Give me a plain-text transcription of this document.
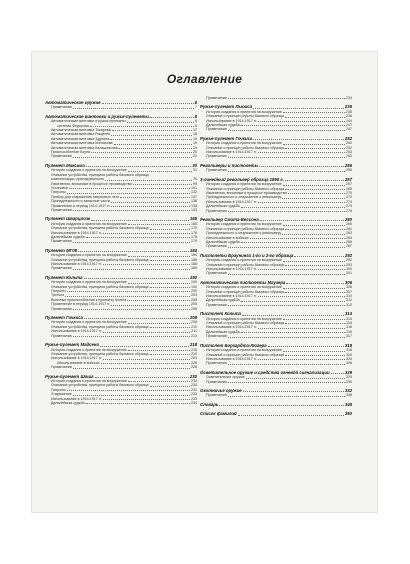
Оглавление
Автоматическое оружие	6
Примечания	7
Автоматические винтовки и ружья-пулеметы	8
Автоматические винтовки и ружья-пулеметы	8
системы Федорова	8
Автоматическая винтовка Токарева	17
Автоматическая винтовка Рощепея	18
Автоматическая винтовка Здунина	19
Автоматическая винтовка Ксеникова	19
Автоматическая винтовка Калашникова	19
Приспособление Коуна	20
Примечания	21
Пулемет Максима	30
История создания и принятия на вооружение	31
Описание устройства, принципа работы базового образца,
комплектации, принадлежность	76
Изменения, вносимые в процессе производства	99
Установки	101
Патроны	132
Прибор для снаряжения патронных лент	137
Принадлежности и запасные части	138
Применение в период 1914-1917 гг.	138
Примечания	143
Пулемет Шварцлозе	165
История создания и принятия на вооружение	165
Описание устройства, принципа работы базового образца	170
Использование в 1914-1917 гг.	178
Дальнейшая судьба	178
Примечания	179
Пулемет МГ08	184
История создания и принятия на вооружение	184
Описание устройства, принципа работы базового образца	185
Использование в 1914-1917 гг.	188
Примечания	189
Пулемет Кольта	190
История создания и принятия на вооружение	190
Описание устройства, принципа работы базового образца	192
Патроны	200
Треноги	203
Вьючные приспособления к пулемету Кольта	205
Применение в период 1914-1917 гг.	205
Примечания	206
Пулемет Гочкиса	208
История создания и принятия на вооружение	208
Описание устройства, принципа работы базового образца	210
Использование в 1914-1917 гг.	211
Примечания	213
Ружье-пулемет Мадсена	218
История создания и принятия на вооружение	218
Описание устройства, принципа работы базового образца	219
Использование в 1914-1917 гг.	224
Использование в войсках	226
Примечания	228
Ружье-пулемет Шоша	230
История создания и принятия на вооружение	230
Описание устройства, принципа работы базового образца	230
Патроны	231
Снаряжение	233
Использование в 1914-1917 гг.	233
Дальнейшая судьба	234
Примечания	234
Ружье-пулемет Льюиса	235
История создания и принятия на вооружение	235
Описание и принцип работы базового образца	236
Использование в 1914-1917 гг.	244
Дальнейшая судьба	247
Примечания	247
Ружье-пулемет Гочкиса	252
История создания и принятия на вооружение	252
Описание и принцип работы базового образца	252
Использование в 1914-1917 гг.	253
Примечания	253
Револьверы и пистолеты	256
Примечания	256
3-линейный револьвер образца 1895 г.	257
История создания и принятия на вооружение	257
Описание и принцип работы базового образца	265
Изменения, вносимые в процессе производства	270
Принадлежность и снаряжение к револьверу	272
Использование в 1914-1917 гг.	274
Дальнейшая судьба	274
Примечания	276
Револьвер Смита-Вессона	280
История создания и принятия на вооружение	280
Описание и принцип работы базового образца	281
Принадлежность и снаряжение к револьверу	283
Использование в войсках	284
Дальнейшая судьба	285
Примечания	287
Пистолеты Браунинга 1-го и 2-го образца	292
История создания и принятия на вооружение	292
Описание и принцип работы базового образца	293
Использование в 1914-1917 гг.	300
Примечания	301
Автоматические пистолеты Маузера	306
История создания и принятия на вооружение	306
Описание и принцип работы базового образца	307
Использование в 1914-1917 гг.	310
Дальнейшая судьба	312
Примечания	312
Пистолет Кольта	314
История создания и принятия на вооружение	314
Описание и принцип работы базового образца	315
Использование в 1914-1917 гг.	316
Дальнейшая судьба	316
Примечания	317
Пистолет Борхардта-Люгера	318
История создания и принятия на вооружение	318
Описание и принцип работы базового образца	320
Использование в 1914-1917 гг.	324
Примечания	326
Осветительное оружие и средства огневой сигнализации	329
Осветительное оружие	329
Примечания	330
Охотничье оружие	332
Примечания	338
Словарь	348
Список фамилий	350
